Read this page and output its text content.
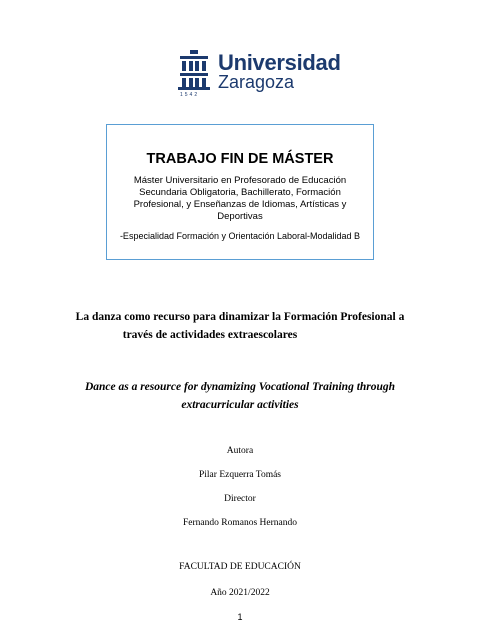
Universidad
Zaragoza
1542
TRABAJO FIN DE MÁSTER
Máster Universitario en Profesorado de Educación Secundaria Obligatoria, Bachillerato, Formación Profesional, y Enseñanzas de Idiomas, Artísticas y Deportivas
-Especialidad Formación y Orientación Laboral-Modalidad B
La danza como recurso para dinamizar la Formación Profesional a
través de actividades extraescolares
Dance as a resource for dynamizing Vocational Training through
extracurricular activities
Autora
Pilar Ezquerra Tomás
Director
Fernando Romanos Hernando
FACULTAD DE EDUCACIÓN
Año 2021/2022
1
